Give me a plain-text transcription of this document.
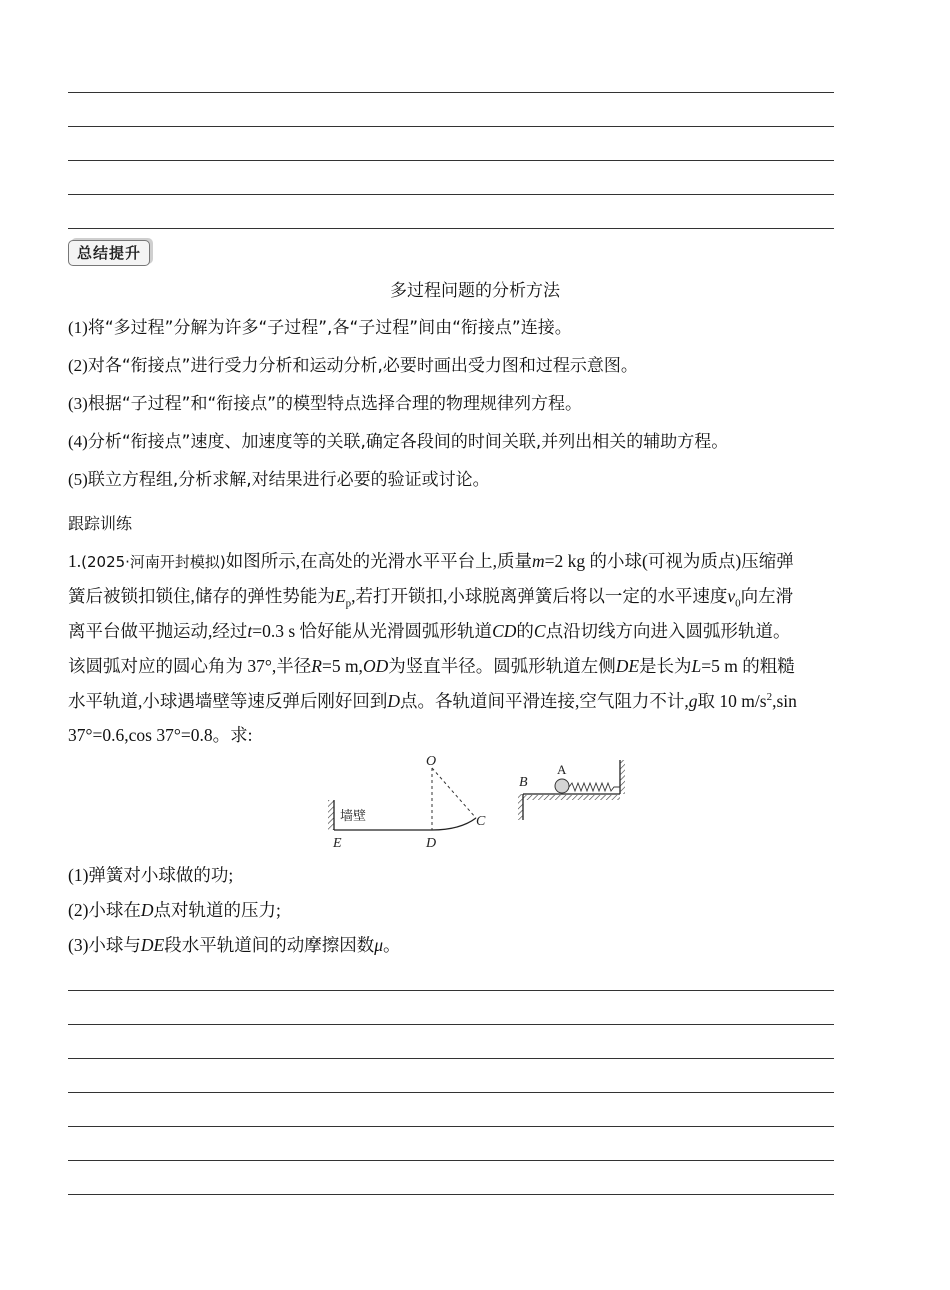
总结提升
多过程问题的分析方法
(1)将“多过程”分解为许多“子过程”,各“子过程”间由“衔接点”连接。
(2)对各“衔接点”进行受力分析和运动分析,必要时画出受力图和过程示意图。
(3)根据“子过程”和“衔接点”的模型特点选择合理的物理规律列方程。
(4)分析“衔接点”速度、加速度等的关联,确定各段间的时间关联,并列出相关的辅助方程。
(5)联立方程组,分析求解,对结果进行必要的验证或讨论。
跟踪训练
1.(2025·河南开封模拟)如图所示,在高处的光滑水平平台上,质量m=2 kg 的小球(可视为质点)压缩弹
簧后被锁扣锁住,储存的弹性势能为$E_p$,若打开锁扣,小球脱离弹簧后将以一定的水平速度$v_0$向左滑
离平台做平抛运动,经过t=0.3 s 恰好能从光滑圆弧形轨道CD的C点沿切线方向进入圆弧形轨道。
该圆弧对应的圆心角为 37°,半径R=5 m,OD为竖直半径。圆弧形轨道左侧DE是长为L=5 m 的粗糙
水平轨道,小球遇墙壁等速反弹后刚好回到D点。各轨道间平滑连接,空气阻力不计,g取 10 $m/s^2,\sin$
37°=0.6,cos 37°=0.8。求:
墙壁
O
C
D
E
B
A
(1)弹簧对小球做的功;
(2)小球在D点对轨道的压力;
(3)小球与DE段水平轨道间的动摩擦因数μ。
